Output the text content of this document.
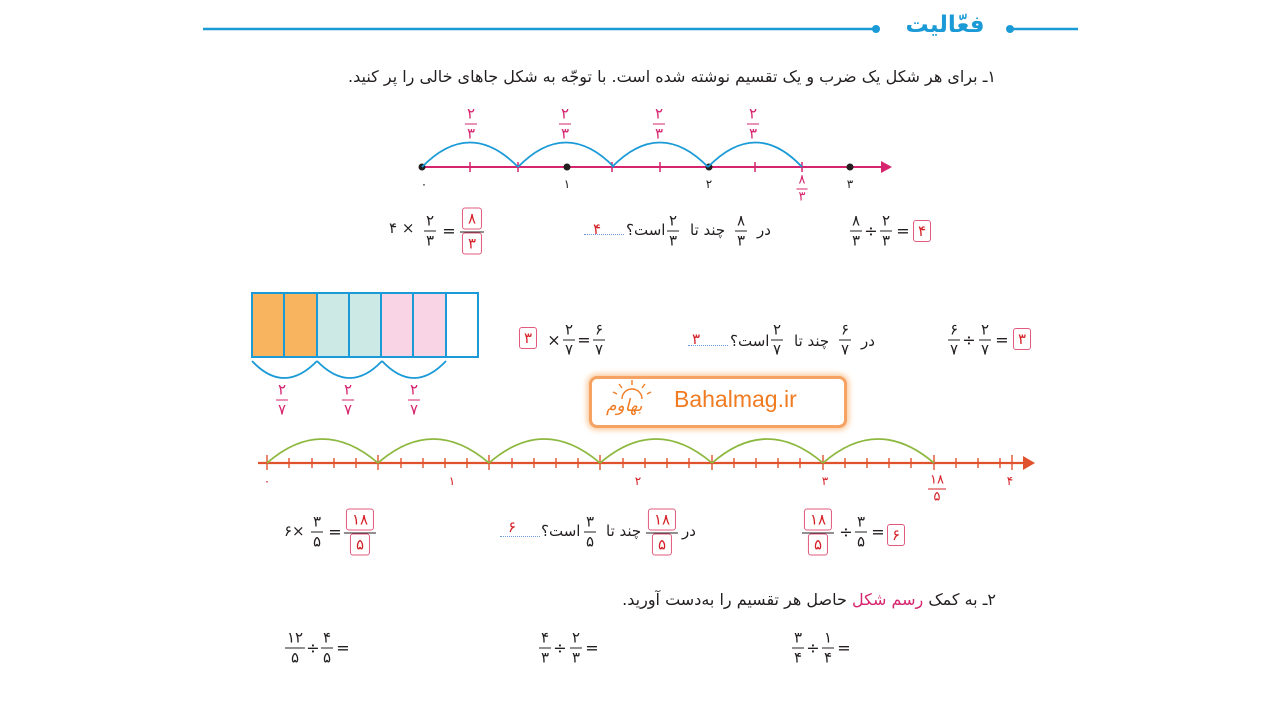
فعّالیت
۱ـ برای هر شکل یک ضرب و یک تقسیم نوشته شده است. با توجّه به شکل جاهای خالی را پر کنید.
۰	۱	۲	۳
۲
۳
۲
۳
۲
۳
۲
۳
۸
۳
۴ × ۲
۳ =
۸
۳
۴ است؟
۲
۳
چند تا
۸
۳
در
۸
۳ ÷
۲
۳ = ۴
۲
۷
۲
۷
۲
۷
۳ ×
۲
۷ =
۶
۷
۳ است؟
۲
۷ چند تا
۶
۷ در
۶
۷ ÷
۲
۷ = ۳
بهاوم Bahalmag.ir
۰	۱	۲	۳	۴
۱۸
۵
۶×
۳
۵ =
۱۸
۵
۶ است؟
۳
۵
چند تا
۱۸
۵
در
۱۸
۵
÷
۳
۵ = ۶
۲ـ به کمک رسم شکل حاصل هر تقسیم را به‌دست آورید.
۱۲
۵ ÷
۴
۵ =
۴
۳ ÷
۲
۳ =
۳
۴ ÷
۱
۴ =
